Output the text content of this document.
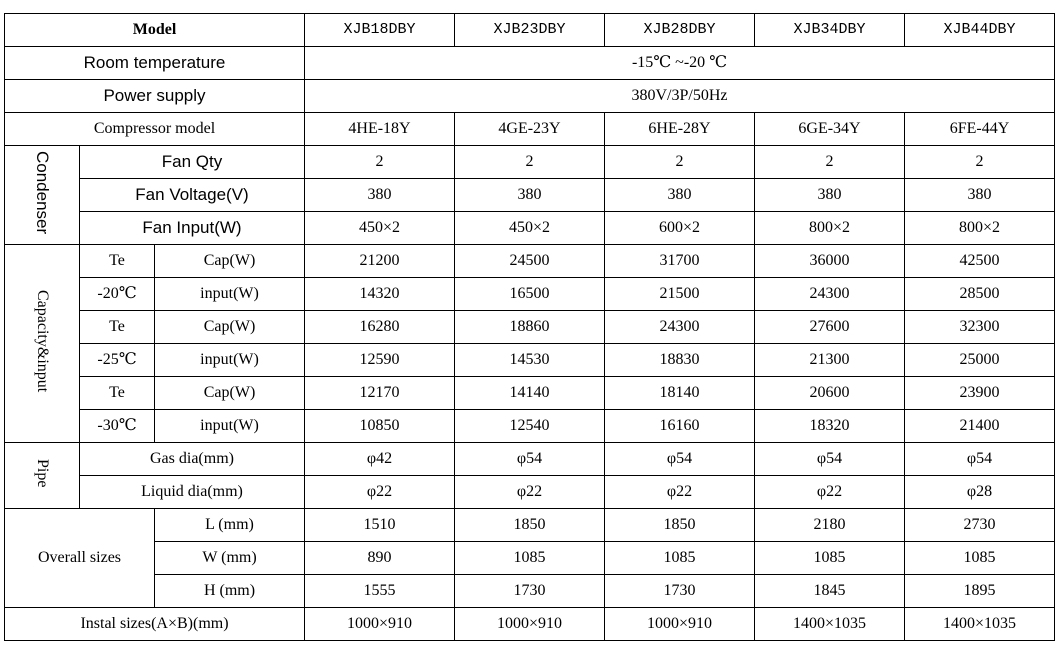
Model			XJB18DBY	XJB23DBY	XJB28DBY	XJB34DBY	XJB44DBY
Room temperature			-15℃ ~-20 ℃				
Power supply			380V/3P/50Hz				
Compressor model			4HE-18Y	4GE-23Y	6HE-28Y	6GE-34Y	6FE-44Y
Condenser	Fan Qty		2	2	2	2	2
	Fan Voltage(V)		380	380	380	380	380
	Fan Input(W)		450×2	450×2	600×2	800×2	800×2
Capacity&input	Te	Cap(W)	21200	24500	31700	36000	42500
	-20℃	input(W)	14320	16500	21500	24300	28500
	Te	Cap(W)	16280	18860	24300	27600	32300
	-25℃	input(W)	12590	14530	18830	21300	25000
	Te	Cap(W)	12170	14140	18140	20600	23900
	-30℃	input(W)	10850	12540	16160	18320	21400
Pipe	Gas dia(mm)		φ42	φ54	φ54	φ54	φ54
	Liquid dia(mm)		φ22	φ22	φ22	φ22	φ28
Overall sizes		L (mm)	1510	1850	1850	2180	2730
		W (mm)	890	1085	1085	1085	1085
		H (mm)	1555	1730	1730	1845	1895
Instal sizes(A×B)(mm)			1000×910	1000×910	1000×910	1400×1035	1400×1035
